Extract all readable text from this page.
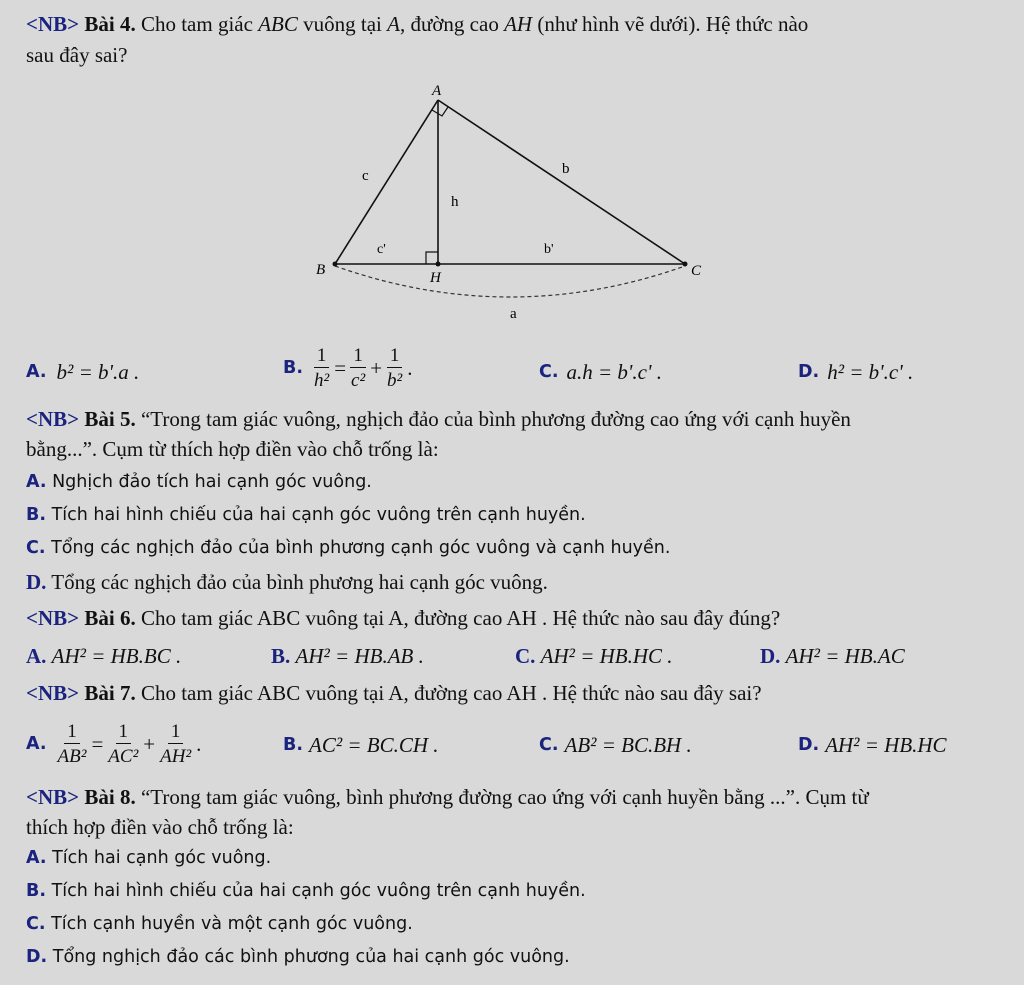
<NB> Bài 4. Cho tam giác ABC vuông tại A, đường cao AH (như hình vẽ dưới). Hệ thức nào
sau đây sai?
A
B	C
H
c	b
h
c'	b'
a
A. b² = b'.a .	B. $\frac{1}{\text{h²}} = \frac{1}{\text{c²}} + \frac{1}{\text{b²}}$ .	C. a.h = b'.c' .	D. h² = b'.c' .
<NB> Bài 5. “Trong tam giác vuông, nghịch đảo của bình phương đường cao ứng với cạnh huyền
bằng...”. Cụm từ thích hợp điền vào chỗ trống là:
A. Nghịch đảo tích hai cạnh góc vuông.
B. Tích hai hình chiếu của hai cạnh góc vuông trên cạnh huyền.
C. Tổng các nghịch đảo của bình phương cạnh góc vuông và cạnh huyền.
D. Tổng các nghịch đảo của bình phương hai cạnh góc vuông.
<NB> Bài 6. Cho tam giác ABC vuông tại A, đường cao AH . Hệ thức nào sau đây đúng?
A. AH² = HB.BC .	B. AH² = HB.AB .	C. AH² = HB.HC .	D. AH² = HB.AC
<NB> Bài 7. Cho tam giác ABC vuông tại A, đường cao AH . Hệ thức nào sau đây sai?
A. $\frac{1}{\text{AB²}} = \frac{1}{\text{AC²}} + \frac{1}{\text{AH²}}$ .	B. AC² = BC.CH .	C. AB² = BC.BH .	D. AH² = HB.HC
<NB> Bài 8. “Trong tam giác vuông, bình phương đường cao ứng với cạnh huyền bằng ...”. Cụm từ
thích hợp điền vào chỗ trống là:
A. Tích hai cạnh góc vuông.
B. Tích hai hình chiếu của hai cạnh góc vuông trên cạnh huyền.
C. Tích cạnh huyền và một cạnh góc vuông.
D. Tổng nghịch đảo các bình phương của hai cạnh góc vuông.
